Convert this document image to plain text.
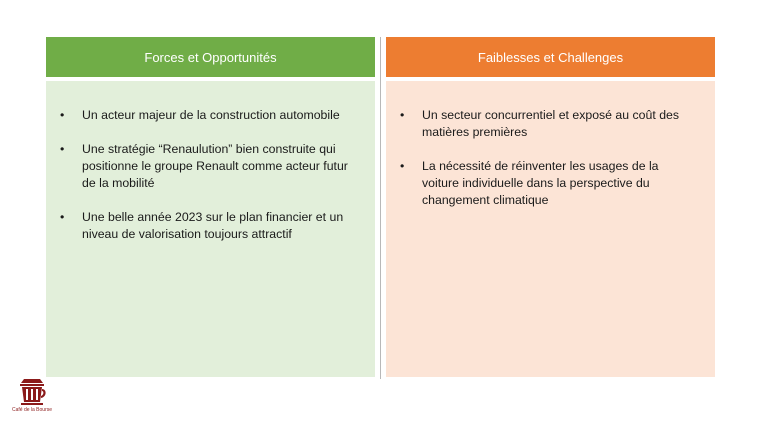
Forces et Opportunités
•	Un acteur majeur de la construction automobile
•	Une stratégie “Renaulution” bien construite qui positionne le groupe Renault comme acteur futur de la mobilité
•	Une belle année 2023 sur le plan financier et un niveau de valorisation toujours attractif
Faiblesses et Challenges
•	Un secteur concurrentiel et exposé au coût des matières premières
•	La nécessité de réinventer les usages de la voiture individuelle dans la perspective du changement climatique
Café de la Bourse
